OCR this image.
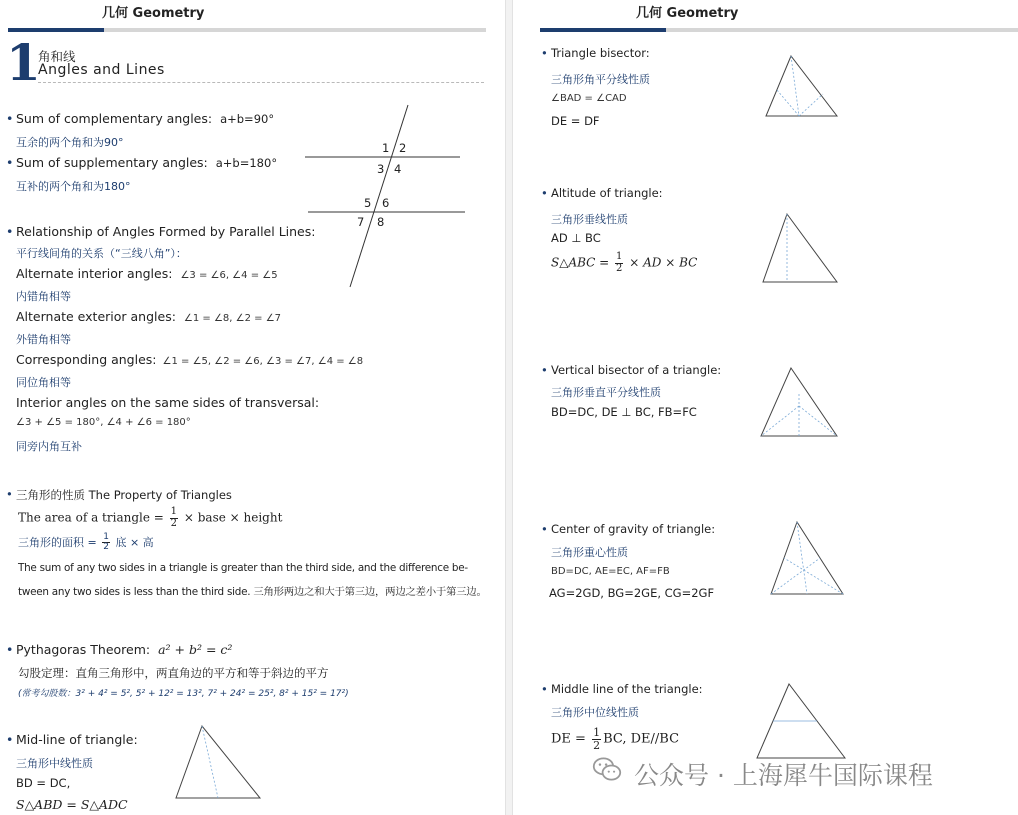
几何 Geometry
1
角和线
Angles and Lines
• Sum of complementary angles: a+b=90°
互余的两个角和为90°
• Sum of supplementary angles: a+b=180°
互补的两个角和为180°
1 2
3 4
5 6
7 8
• Relationship of Angles Formed by Parallel Lines:
平行线间角的关系（“三线八角”）：
Alternate interior angles: ∠3 = ∠6, ∠4 = ∠5
内错角相等
Alternate exterior angles: ∠1 = ∠8, ∠2 = ∠7
外错角相等
Corresponding angles: ∠1 = ∠5, ∠2 = ∠6, ∠3 = ∠7, ∠4 = ∠8
同位角相等
Interior angles on the same sides of transversal:
∠3 + ∠5 = 180°, ∠4 + ∠6 = 180°
同旁内角互补
• 三角形的性质 The Property of Triangles
The area of a triangle = $\frac{1}{2}$ × base × height
三角形的面积 = $\frac{1}{2}$ 底 × 高
The sum of any two sides in a triangle is greater than the third side, and the difference be-
tween any two sides is less than the third side. 三角形两边之和大于第三边，两边之差小于第三边。
• Pythagoras Theorem: a² + b² = c²
勾股定理：直角三角形中，两直角边的平方和等于斜边的平方
(常考勾股数：3² + 4² = 5², 5² + 12² = 13², 7² + 24² = 25², 8² + 15² = 17²)
• Mid-line of triangle:
三角形中线性质
BD = DC,
S△ABD = S△ADC
几何 Geometry
• Triangle bisector:
三角形角平分线性质
∠BAD = ∠CAD
DE = DF
• Altitude of triangle:
三角形垂线性质
AD ⊥ BC
S△ABC = $\frac{1}{2}$ × AD × BC
• Vertical bisector of a triangle:
三角形垂直平分线性质
BD=DC, DE ⊥ BC, FB=FC
• Center of gravity of triangle:
三角形重心性质
BD=DC, AE=EC, AF=FB
AG=2GD, BG=2GE, CG=2GF
• Middle line of the triangle:
三角形中位线性质
DE = $\frac{1}{2}$ BC, DE//BC
公众号 · 上海犀牛国际课程
